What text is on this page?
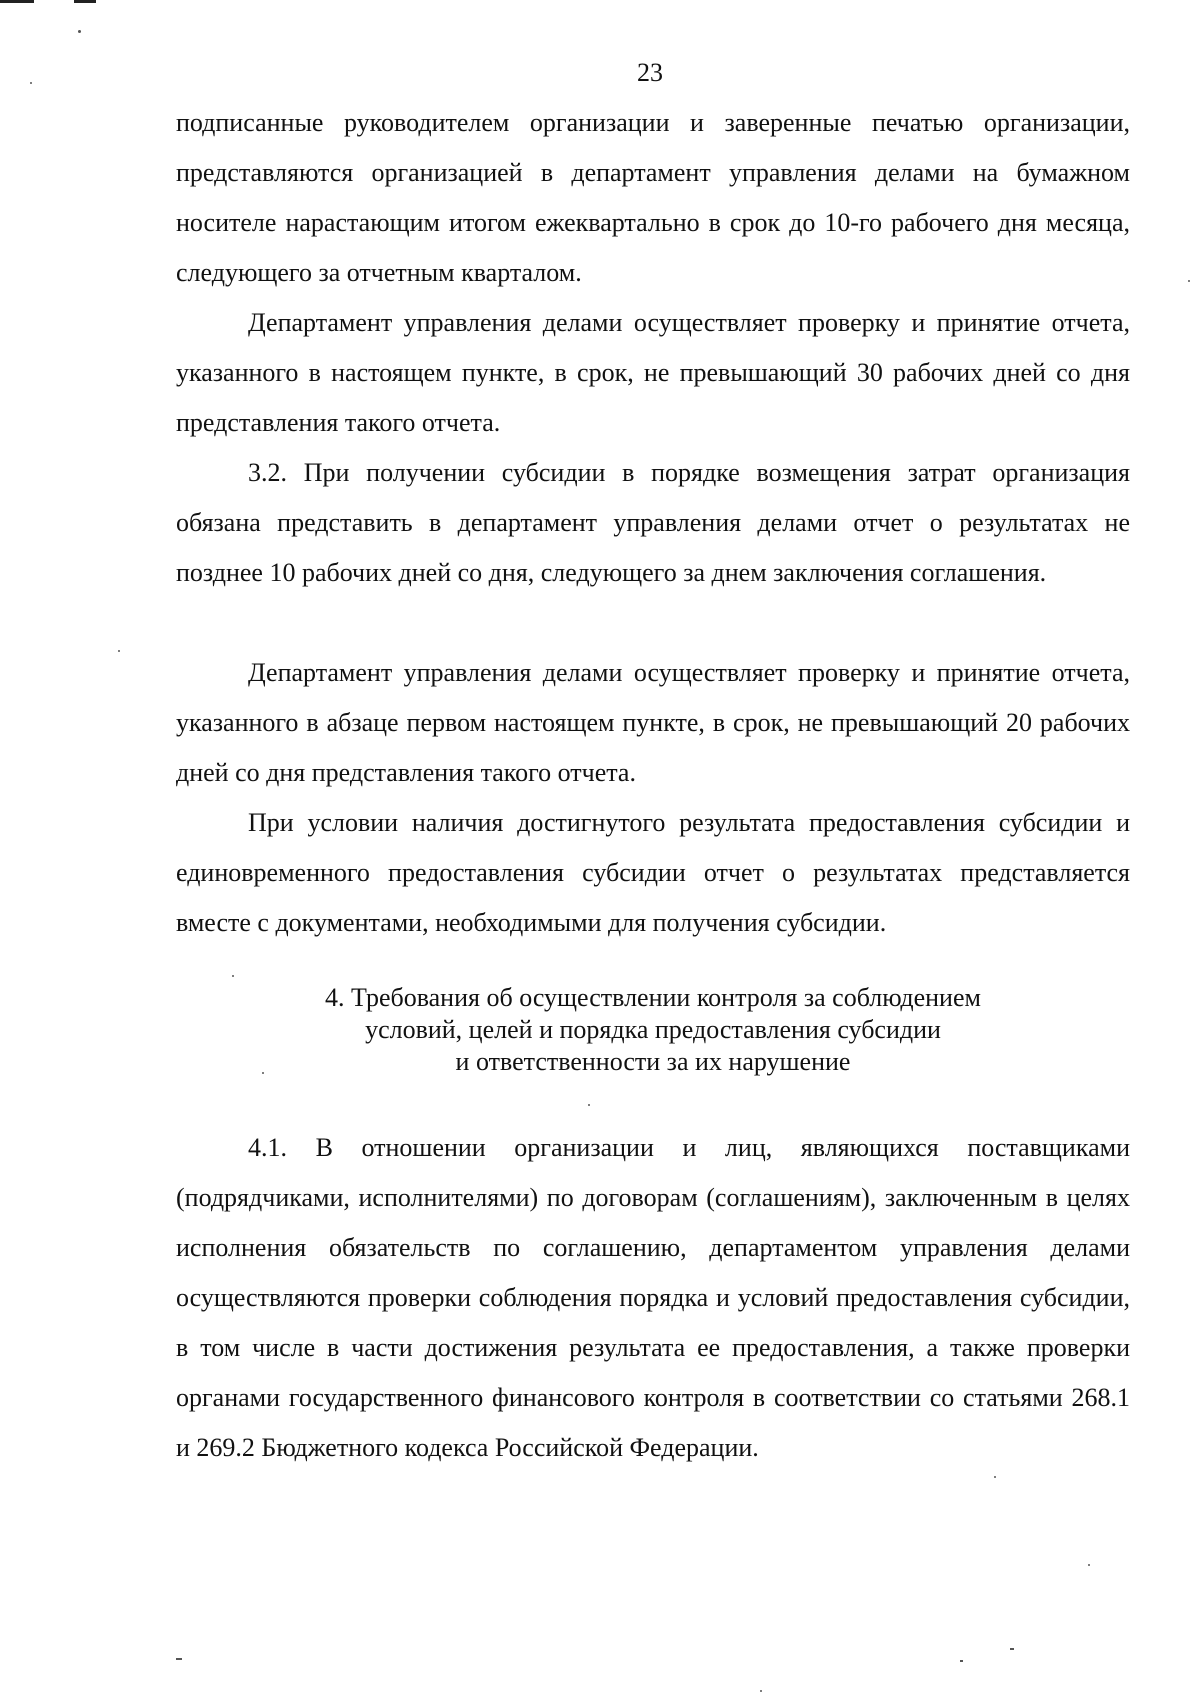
23

подписанные руководителем организации и заверенные печатью организации, представляются организацией в департамент управления делами на бумажном носителе нарастающим итогом ежеквартально в срок до 10-го рабочего дня месяца, следующего за отчетным кварталом.

Департамент управления делами осуществляет проверку и принятие отчета, указанного в настоящем пункте, в срок, не превышающий 30 рабочих дней со дня представления такого отчета.

3.2. При получении субсидии в порядке возмещения затрат организация обязана представить в департамент управления делами отчет о результатах не позднее 10 рабочих дней со дня, следующего за днем заключения соглашения.

Департамент управления делами осуществляет проверку и принятие отчета, указанного в абзаце первом настоящем пункте, в срок, не превышающий 20 рабочих дней со дня представления такого отчета.

При условии наличия достигнутого результата предоставления субсидии и единовременного предоставления субсидии отчет о результатах представляется вместе с документами, необходимыми для получения субсидии.

4. Требования об осуществлении контроля за соблюдением
условий, целей и порядка предоставления субсидии
и ответственности за их нарушение

4.1. В отношении организации и лиц, являющихся поставщиками (подрядчиками, исполнителями) по договорам (соглашениям), заключенным в целях исполнения обязательств по соглашению, департаментом управления делами осуществляются проверки соблюдения порядка и условий предоставления субсидии, в том числе в части достижения результата ее предоставления, а также проверки органами государственного финансового контроля в соответствии со статьями 268.1 и 269.2 Бюджетного кодекса Российской Федерации.
